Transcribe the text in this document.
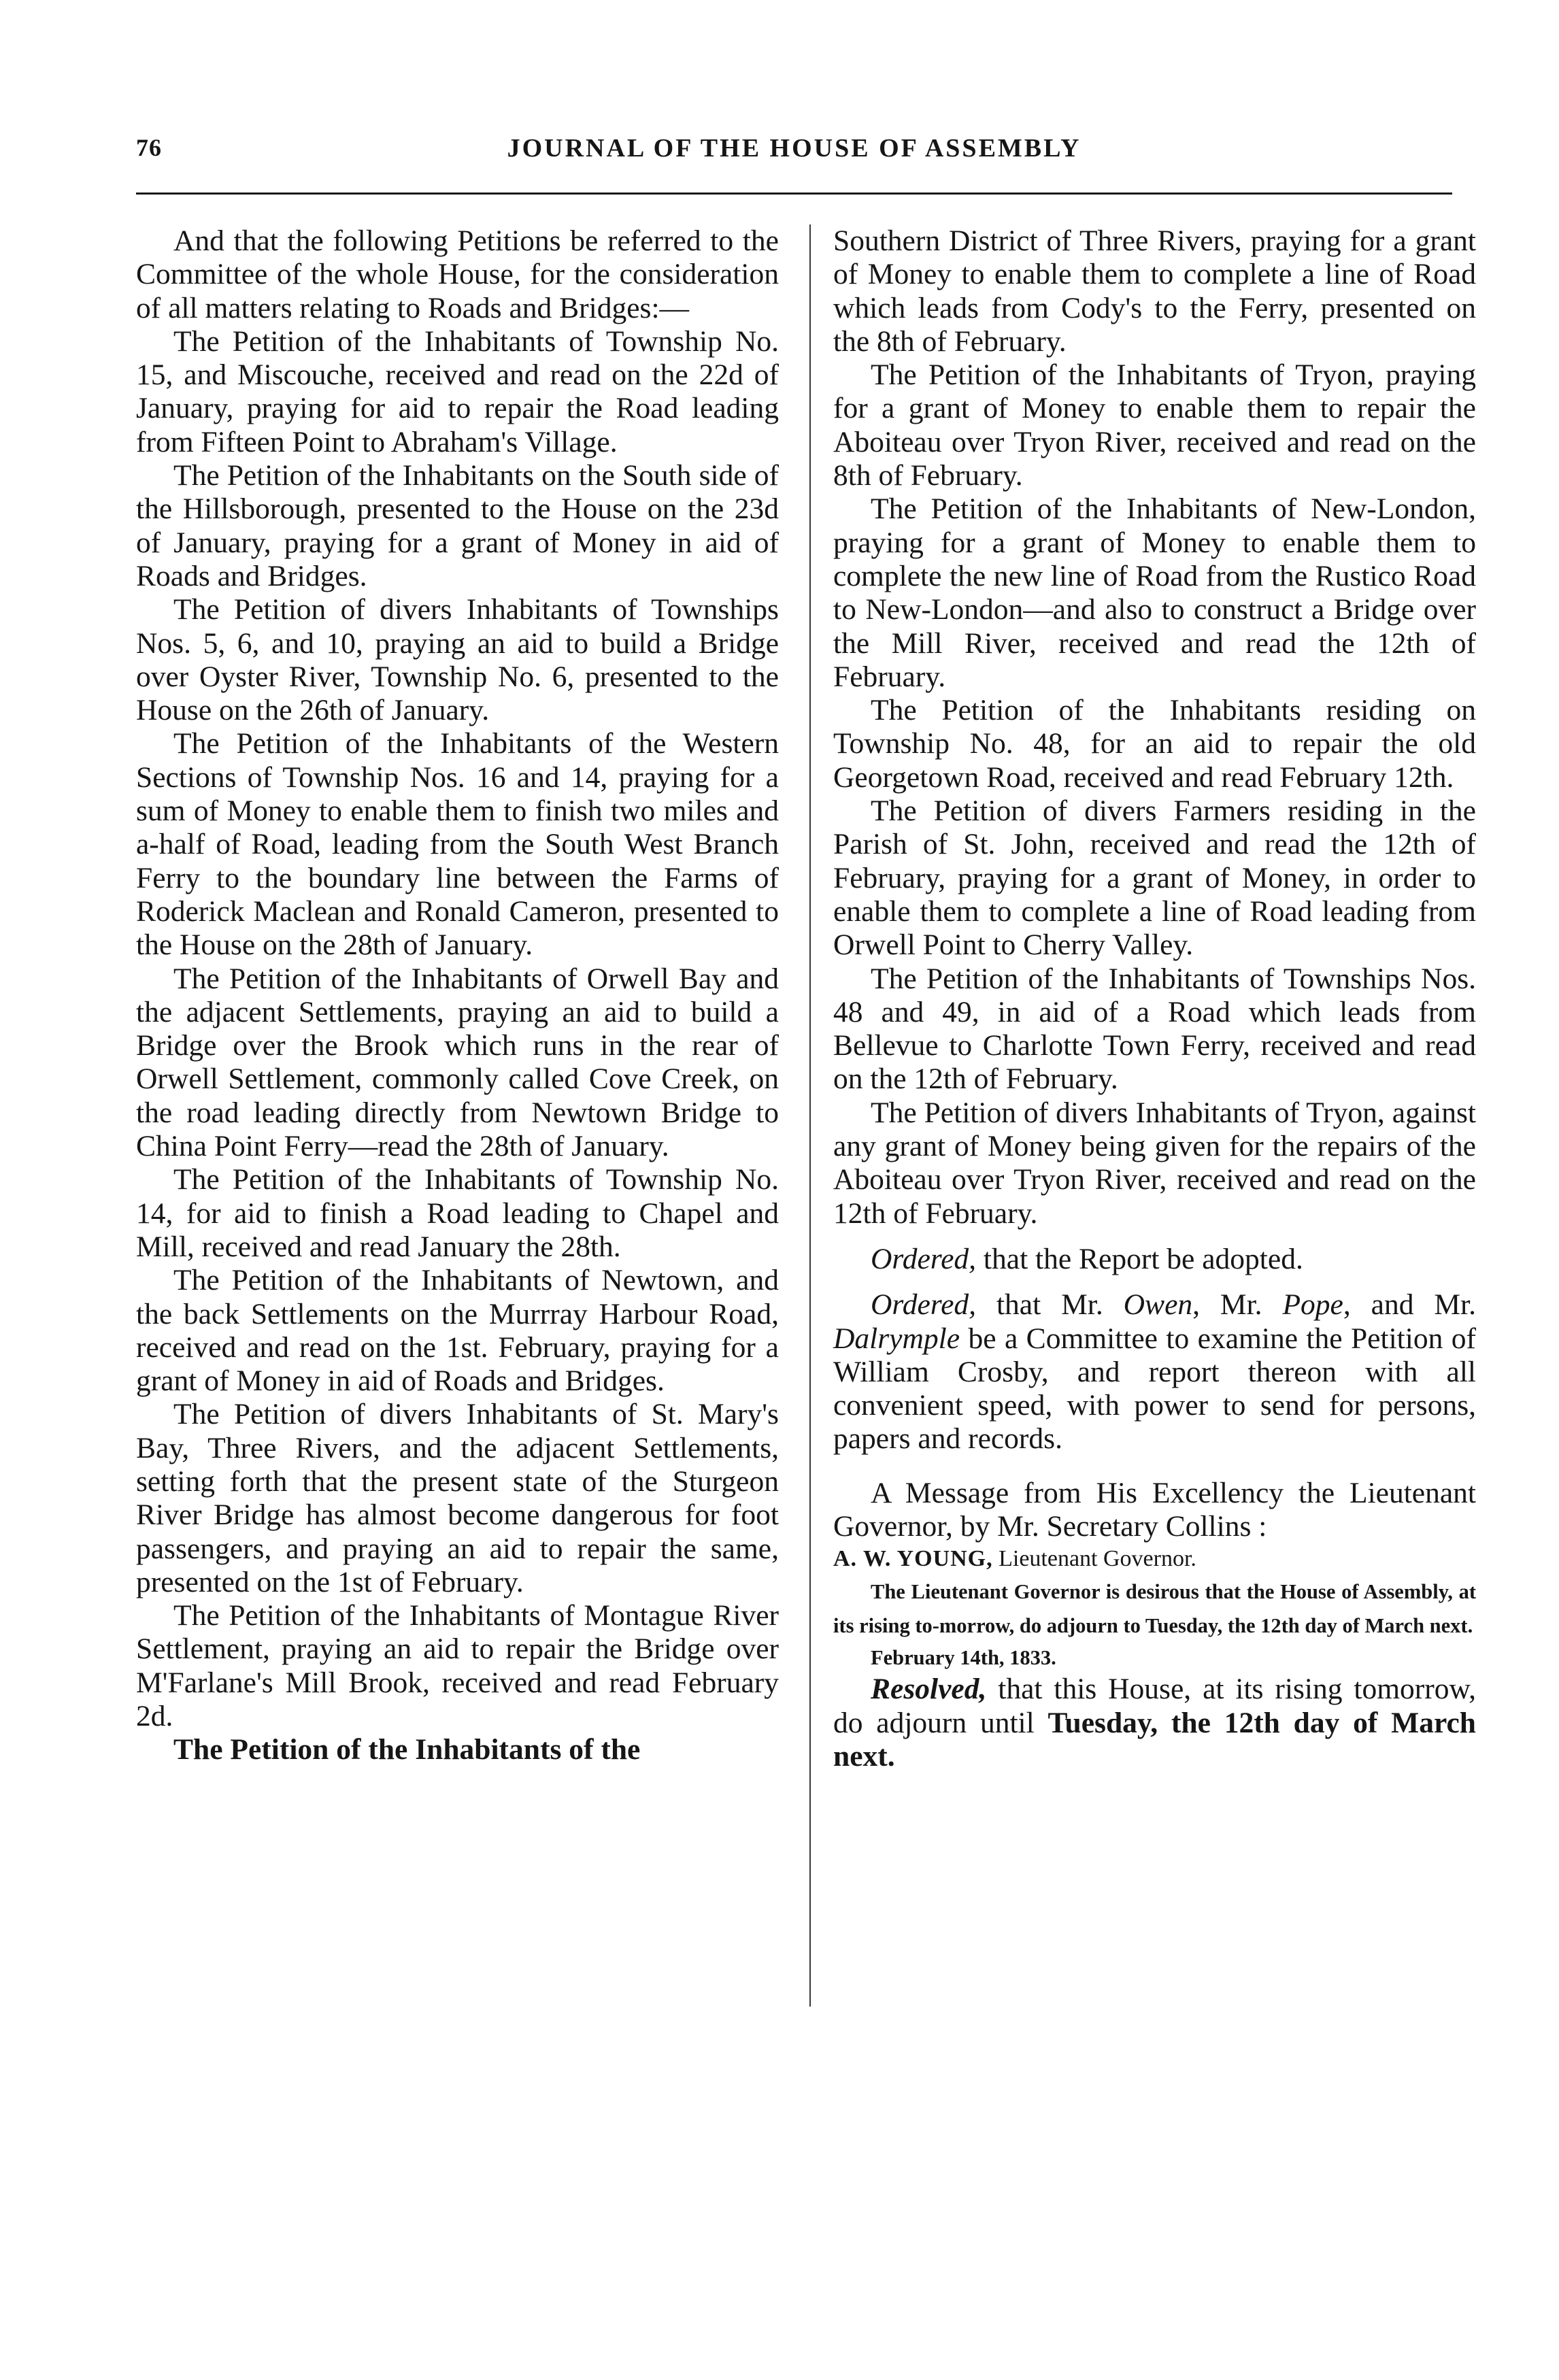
76	JOURNAL OF THE HOUSE OF ASSEMBLY

And that the following Petitions be referred to the Committee of the whole House, for the consideration of all matters relating to Roads and Bridges:—

The Petition of the Inhabitants of Township No. 15, and Miscouche, received and read on the 22d of January, praying for aid to repair the Road leading from Fifteen Point to Abraham's Village.

The Petition of the Inhabitants on the South side of the Hillsborough, presented to the House on the 23d of January, praying for a grant of Money in aid of Roads and Bridges.

The Petition of divers Inhabitants of Townships Nos. 5, 6, and 10, praying an aid to build a Bridge over Oyster River, Township No. 6, presented to the House on the 26th of January.

The Petition of the Inhabitants of the Western Sections of Township Nos. 16 and 14, praying for a sum of Money to enable them to finish two miles and a-half of Road, leading from the South West Branch Ferry to the boundary line between the Farms of Roderick Maclean and Ronald Cameron, presented to the House on the 28th of January.

The Petition of the Inhabitants of Orwell Bay and the adjacent Settlements, praying an aid to build a Bridge over the Brook which runs in the rear of Orwell Settlement, commonly called Cove Creek, on the road leading directly from Newtown Bridge to China Point Ferry—read the 28th of January.

The Petition of the Inhabitants of Township No. 14, for aid to finish a Road leading to Chapel and Mill, received and read January the 28th.

The Petition of the Inhabitants of Newtown, and the back Settlements on the Murrray Harbour Road, received and read on the 1st. February, praying for a grant of Money in aid of Roads and Bridges.

The Petition of divers Inhabitants of St. Mary's Bay, Three Rivers, and the adjacent Settlements, setting forth that the present state of the Sturgeon River Bridge has almost become dangerous for foot passengers, and praying an aid to repair the same, presented on the 1st of February.

The Petition of the Inhabitants of Montague River Settlement, praying an aid to repair the Bridge over M'Farlane's Mill Brook, received and read February 2d.

The Petition of the Inhabitants of the

Southern District of Three Rivers, praying for a grant of Money to enable them to complete a line of Road which leads from Cody's to the Ferry, presented on the 8th of February.

The Petition of the Inhabitants of Tryon, praying for a grant of Money to enable them to repair the Aboiteau over Tryon River, received and read on the 8th of February.

The Petition of the Inhabitants of New-London, praying for a grant of Money to enable them to complete the new line of Road from the Rustico Road to New-London—and also to construct a Bridge over the Mill River, received and read the 12th of February.

The Petition of the Inhabitants residing on Township No. 48, for an aid to repair the old Georgetown Road, received and read February 12th.

The Petition of divers Farmers residing in the Parish of St. John, received and read the 12th of February, praying for a grant of Money, in order to enable them to complete a line of Road leading from Orwell Point to Cherry Valley.

The Petition of the Inhabitants of Townships Nos. 48 and 49, in aid of a Road which leads from Bellevue to Charlotte Town Ferry, received and read on the 12th of February.

The Petition of divers Inhabitants of Tryon, against any grant of Money being given for the repairs of the Aboiteau over Tryon River, received and read on the 12th of February.

Ordered, that the Report be adopted.

Ordered, that Mr. Owen, Mr. Pope, and Mr. Dalrymple be a Committee to examine the Petition of William Crosby, and report thereon with all convenient speed, with power to send for persons, papers and records.

A Message from His Excellency the Lieutenant Governor, by Mr. Secretary Collins :

A. W. YOUNG, Lieutenant Governor.

The Lieutenant Governor is desirous that the House of Assembly, at its rising to-morrow, do adjourn to Tuesday, the 12th day of March next.

February 14th, 1833.

Resolved, that this House, at its rising tomorrow, do adjourn until Tuesday, the 12th day of March next.
